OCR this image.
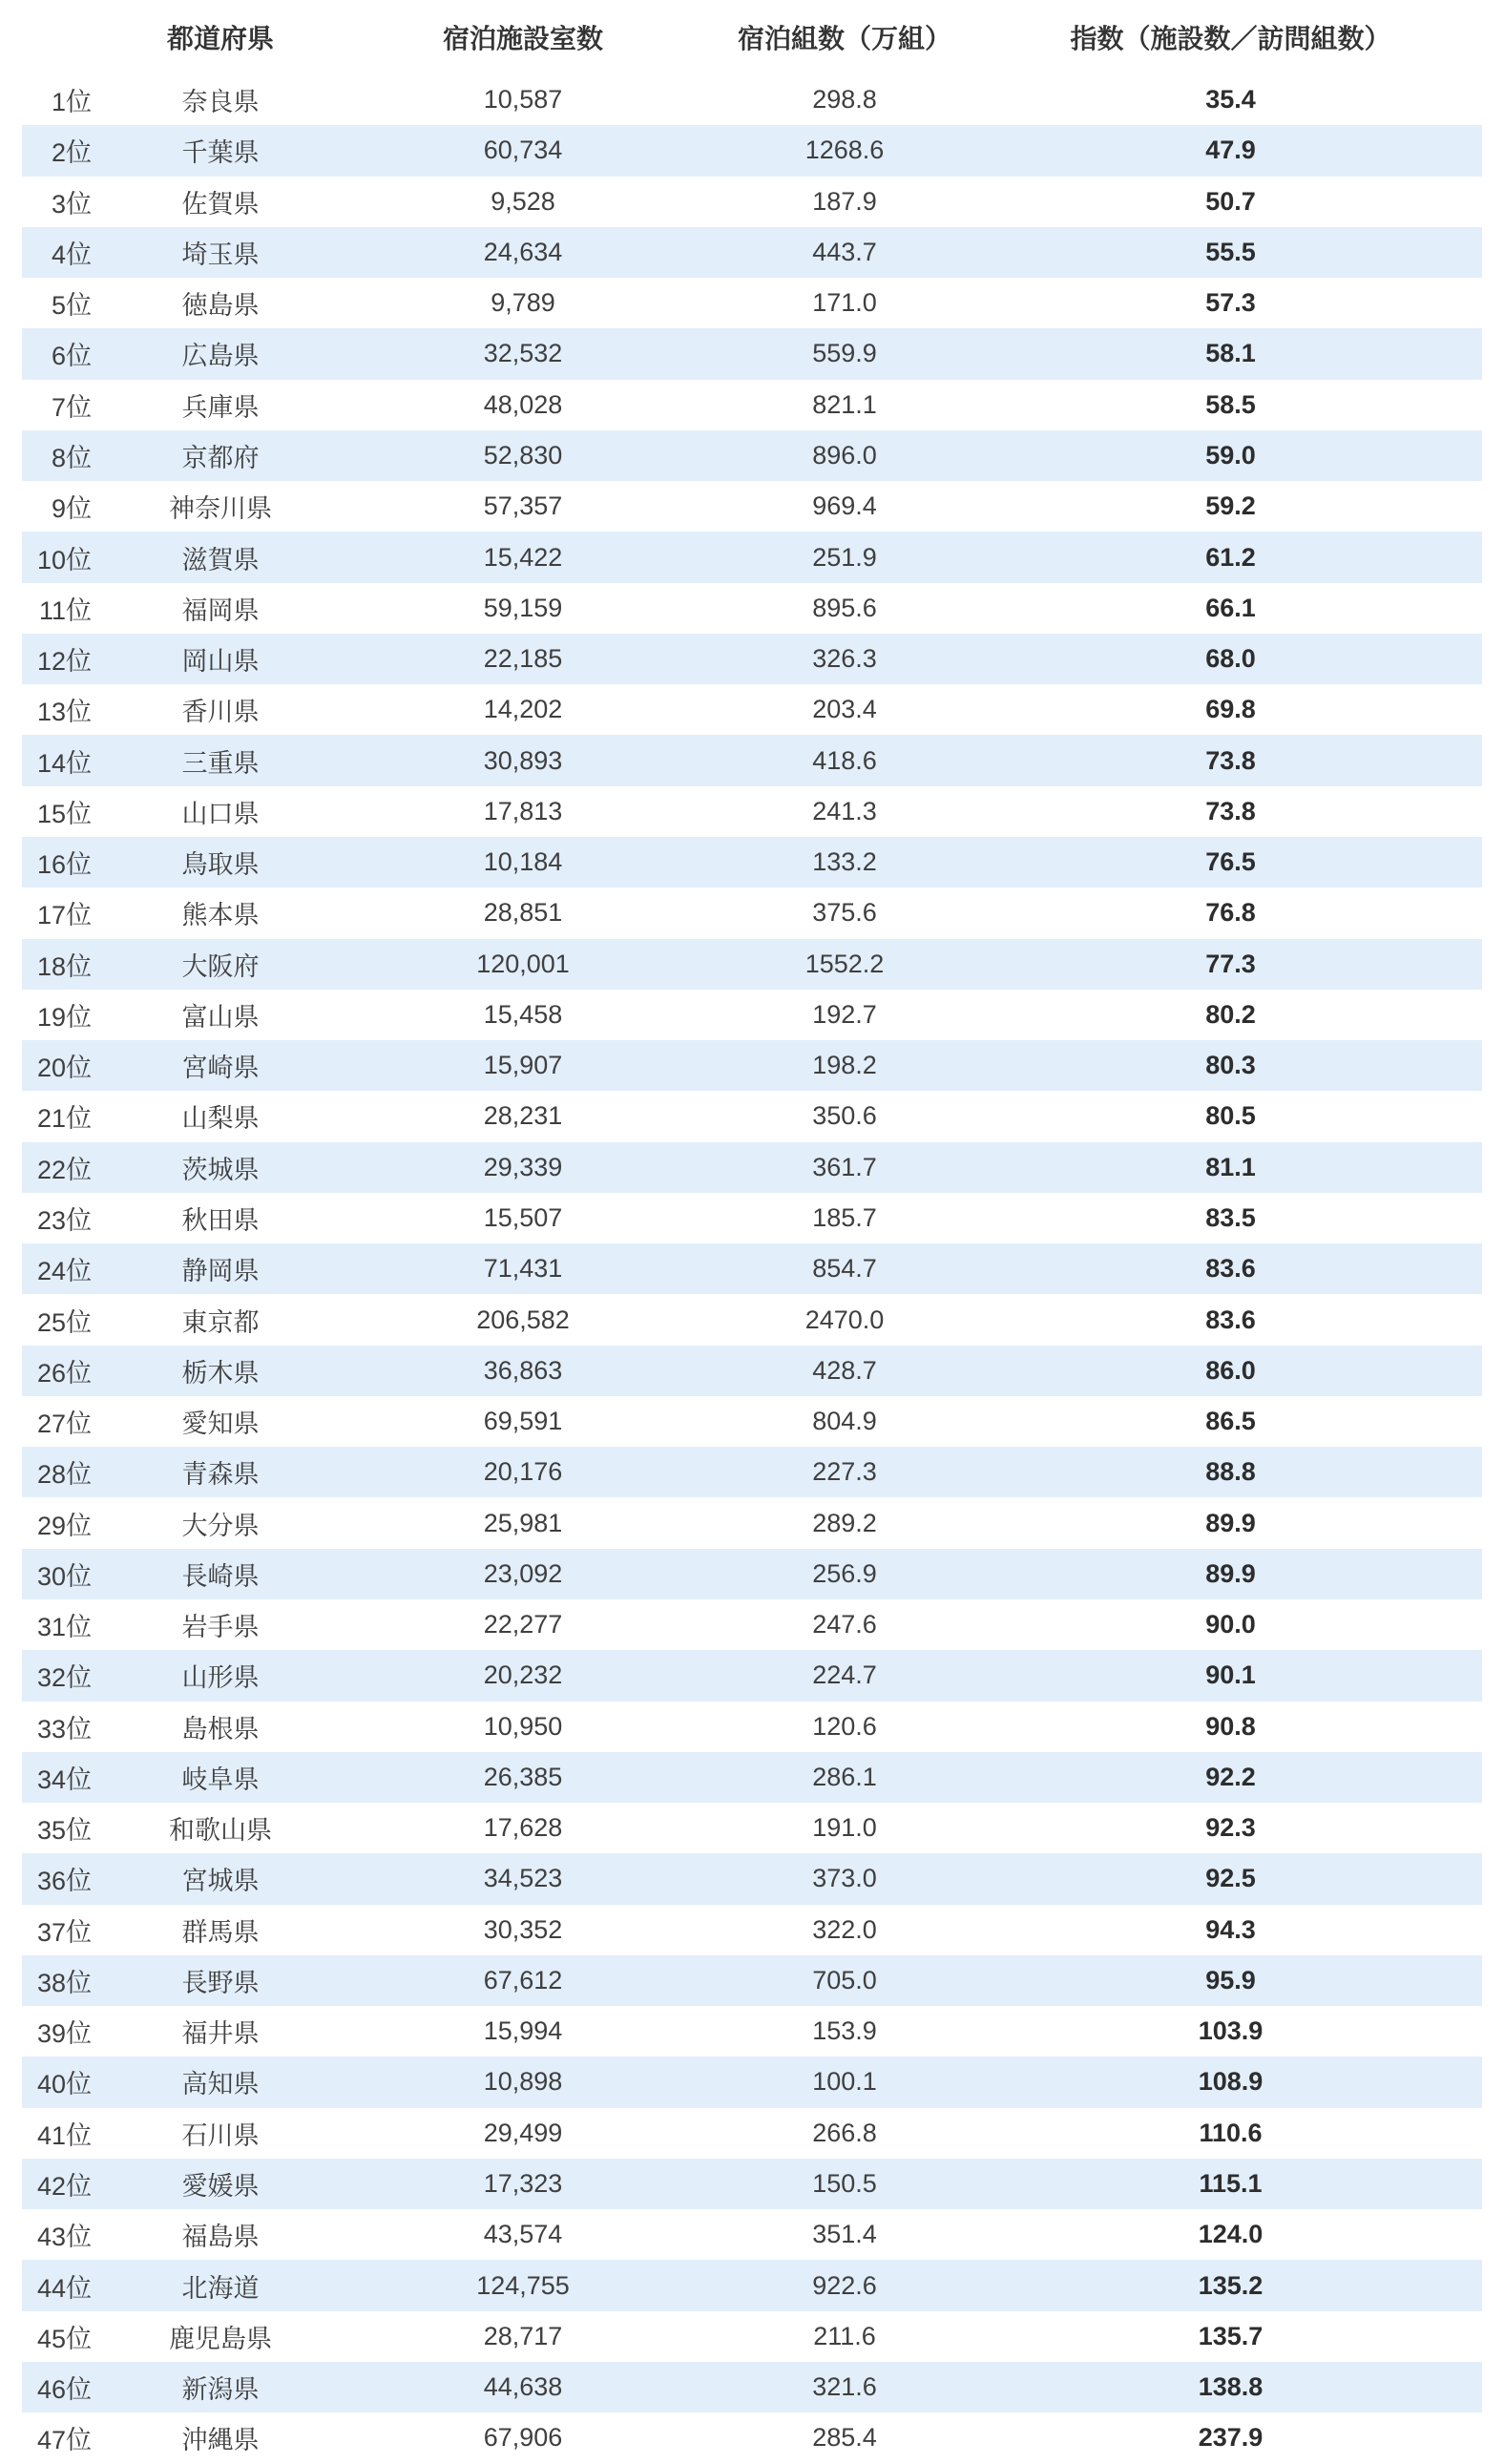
	都道府県	宿泊施設室数	宿泊組数（万組）	指数（施設数／訪問組数）
1位	奈良県	10,587	298.8	35.4
2位	千葉県	60,734	1268.6	47.9
3位	佐賀県	9,528	187.9	50.7
4位	埼玉県	24,634	443.7	55.5
5位	徳島県	9,789	171.0	57.3
6位	広島県	32,532	559.9	58.1
7位	兵庫県	48,028	821.1	58.5
8位	京都府	52,830	896.0	59.0
9位	神奈川県	57,357	969.4	59.2
10位	滋賀県	15,422	251.9	61.2
11位	福岡県	59,159	895.6	66.1
12位	岡山県	22,185	326.3	68.0
13位	香川県	14,202	203.4	69.8
14位	三重県	30,893	418.6	73.8
15位	山口県	17,813	241.3	73.8
16位	鳥取県	10,184	133.2	76.5
17位	熊本県	28,851	375.6	76.8
18位	大阪府	120,001	1552.2	77.3
19位	富山県	15,458	192.7	80.2
20位	宮崎県	15,907	198.2	80.3
21位	山梨県	28,231	350.6	80.5
22位	茨城県	29,339	361.7	81.1
23位	秋田県	15,507	185.7	83.5
24位	静岡県	71,431	854.7	83.6
25位	東京都	206,582	2470.0	83.6
26位	栃木県	36,863	428.7	86.0
27位	愛知県	69,591	804.9	86.5
28位	青森県	20,176	227.3	88.8
29位	大分県	25,981	289.2	89.9
30位	長崎県	23,092	256.9	89.9
31位	岩手県	22,277	247.6	90.0
32位	山形県	20,232	224.7	90.1
33位	島根県	10,950	120.6	90.8
34位	岐阜県	26,385	286.1	92.2
35位	和歌山県	17,628	191.0	92.3
36位	宮城県	34,523	373.0	92.5
37位	群馬県	30,352	322.0	94.3
38位	長野県	67,612	705.0	95.9
39位	福井県	15,994	153.9	103.9
40位	高知県	10,898	100.1	108.9
41位	石川県	29,499	266.8	110.6
42位	愛媛県	17,323	150.5	115.1
43位	福島県	43,574	351.4	124.0
44位	北海道	124,755	922.6	135.2
45位	鹿児島県	28,717	211.6	135.7
46位	新潟県	44,638	321.6	138.8
47位	沖縄県	67,906	285.4	237.9
